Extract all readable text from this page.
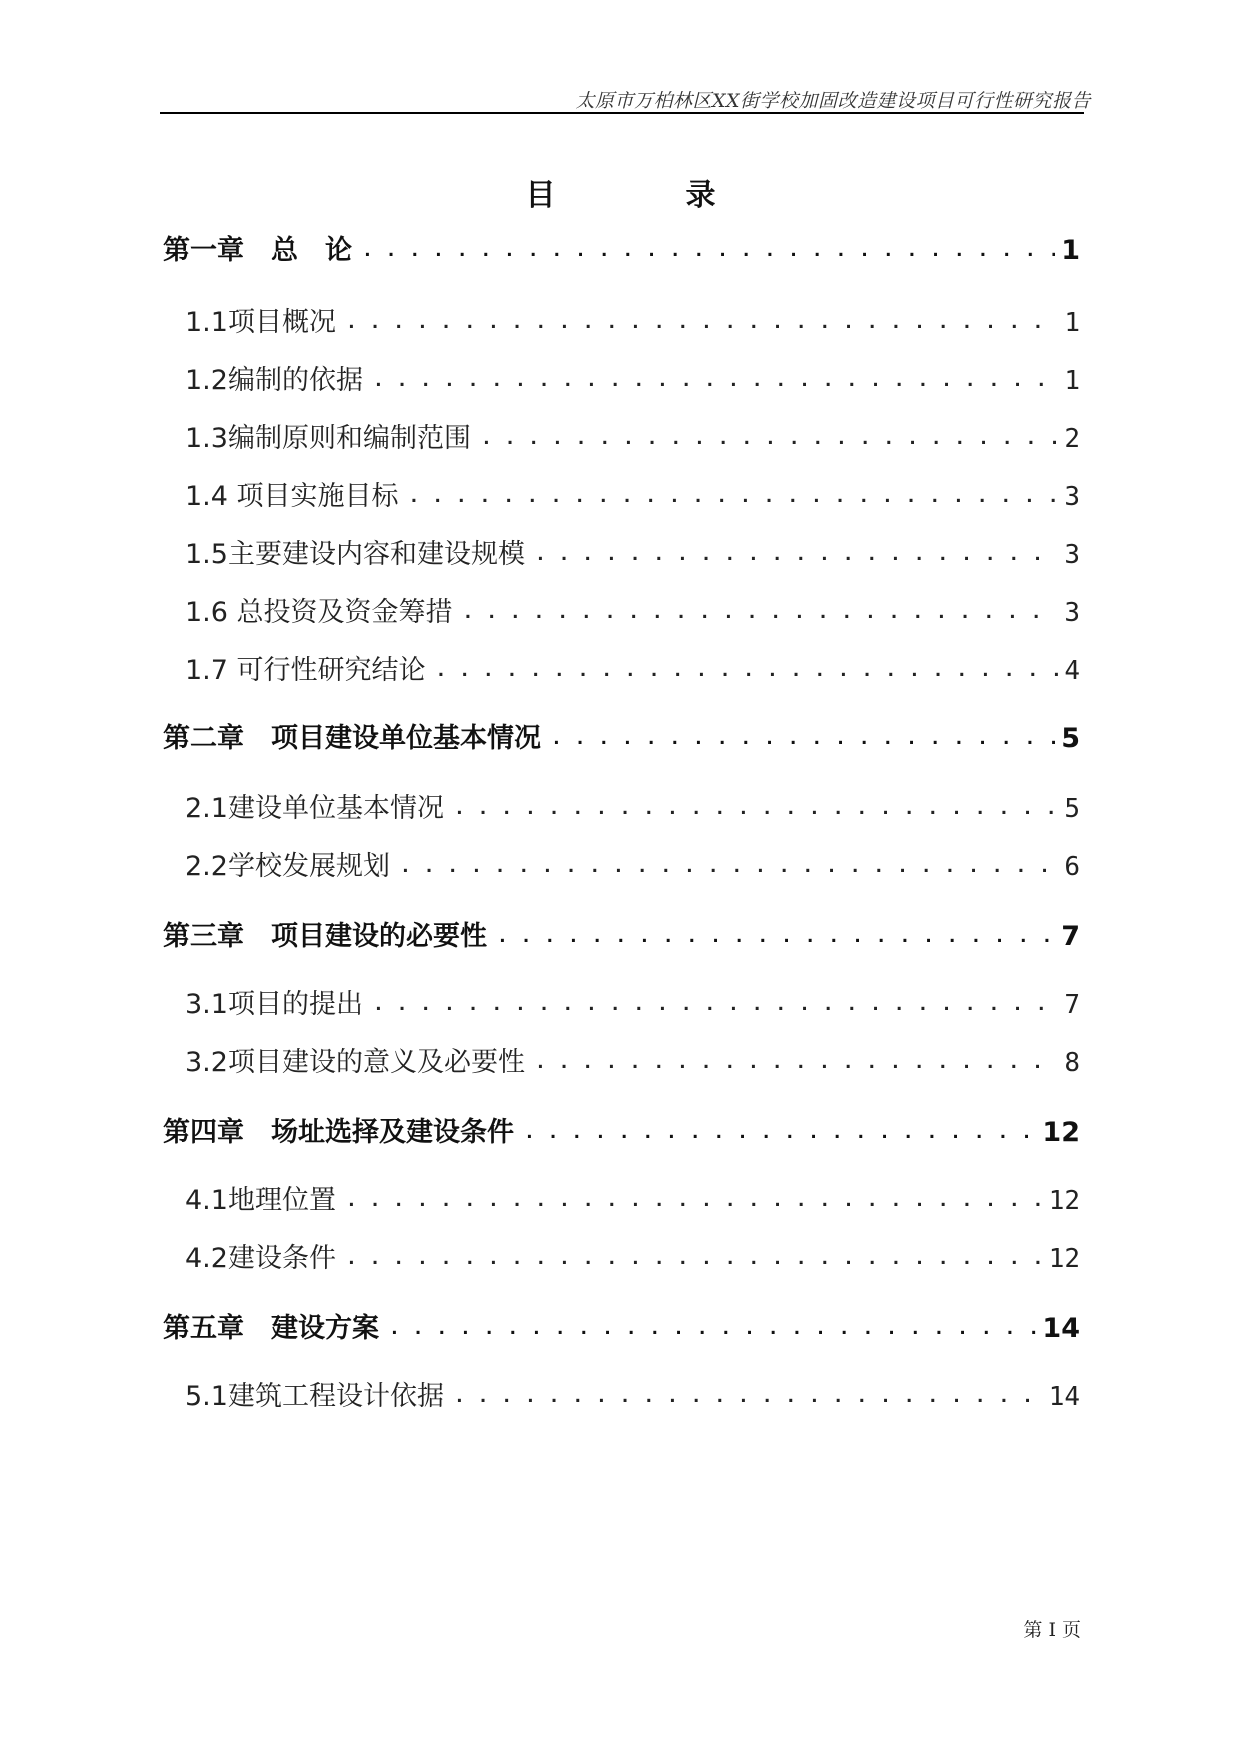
太原市万柏林区XX街学校加固改造建设项目可行性研究报告
目　录
第一章　总　论 . . .	1
1.1项目概况 . . .	1
1.2编制的依据 . . .	1
1.3编制原则和编制范围 . . .	2
1.4 项目实施目标 . . .	3
1.5主要建设内容和建设规模 . . .	3
1.6 总投资及资金筹措 . . .	3
1.7 可行性研究结论 . . .	4
第二章　项目建设单位基本情况 . . .	5
2.1建设单位基本情况 . . .	5
2.2学校发展规划 . . .	6
第三章　项目建设的必要性 . . .	7
3.1项目的提出 . . .	7
3.2项目建设的意义及必要性 . . .	8
第四章　场址选择及建设条件 . . .	12
4.1地理位置 . . .	12
4.2建设条件 . . .	12
第五章　建设方案 . . .	14
5.1建筑工程设计依据 . . .	14
第 I 页
